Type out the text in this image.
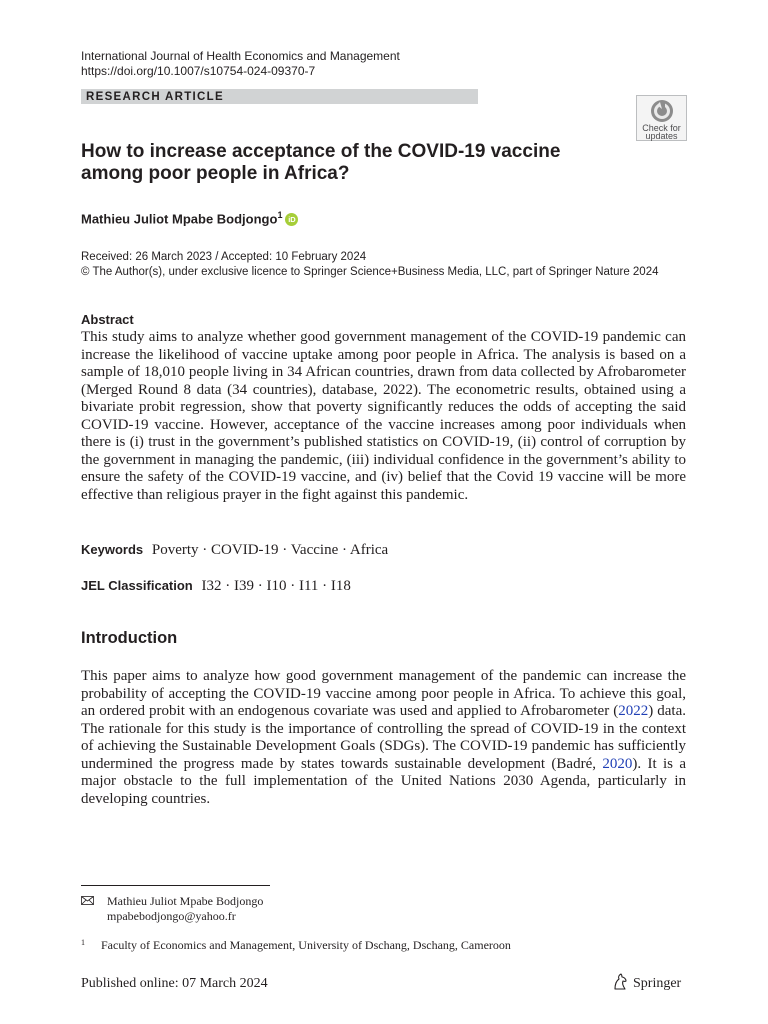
International Journal of Health Economics and Management
https://doi.org/10.1007/s10754-024-09370-7
RESEARCH ARTICLE
Check for
updates
How to increase acceptance of the COVID-19 vaccine
among poor people in Africa?
Mathieu Juliot Mpabe Bodjongo$^1$ iD
Received: 26 March 2023 / Accepted: 10 February 2024
© The Author(s), under exclusive licence to Springer Science+Business Media, LLC, part of Springer Nature 2024
Abstract
This study aims to analyze whether good government management of the COVID-19 pandemic can increase the likelihood of vaccine uptake among poor people in Africa. The analysis is based on a sample of 18,010 people living in 34 African countries, drawn from data collected by Afrobarometer (Merged Round 8 data (34 countries), database, 2022). The econometric results, obtained using a bivariate probit regression, show that poverty significantly reduces the odds of accepting the said COVID-19 vaccine. However, acceptance of the vaccine increases among poor individuals when there is (i) trust in the government’s published statistics on COVID-19, (ii) control of corruption by the government in managing the pandemic, (iii) individual confidence in the government’s ability to ensure the safety of the COVID-19 vaccine, and (iv) belief that the Covid 19 vaccine will be more effective than religious prayer in the fight against this pandemic.
Keywords Poverty · COVID-19 · Vaccine · Africa
JEL Classification I32 · I39 · I10 · I11 · I18
Introduction
This paper aims to analyze how good government management of the pandemic can increase the probability of accepting the COVID-19 vaccine among poor people in Africa. To achieve this goal, an ordered probit with an endogenous covariate was used and applied to Afrobarometer (2022) data. The rationale for this study is the importance of controlling the spread of COVID-19 in the context of achieving the Sustainable Development Goals (SDGs). The COVID-19 pandemic has sufficiently undermined the progress made by states towards sustainable development (Badré, 2020). It is a major obstacle to the full implementation of the United Nations 2030 Agenda, particularly in developing countries.
Mathieu Juliot Mpabe Bodjongo
mpabebodjongo@yahoo.fr
$^1$ Faculty of Economics and Management, University of Dschang, Dschang, Cameroon
Published online: 07 March 2024	Springer
